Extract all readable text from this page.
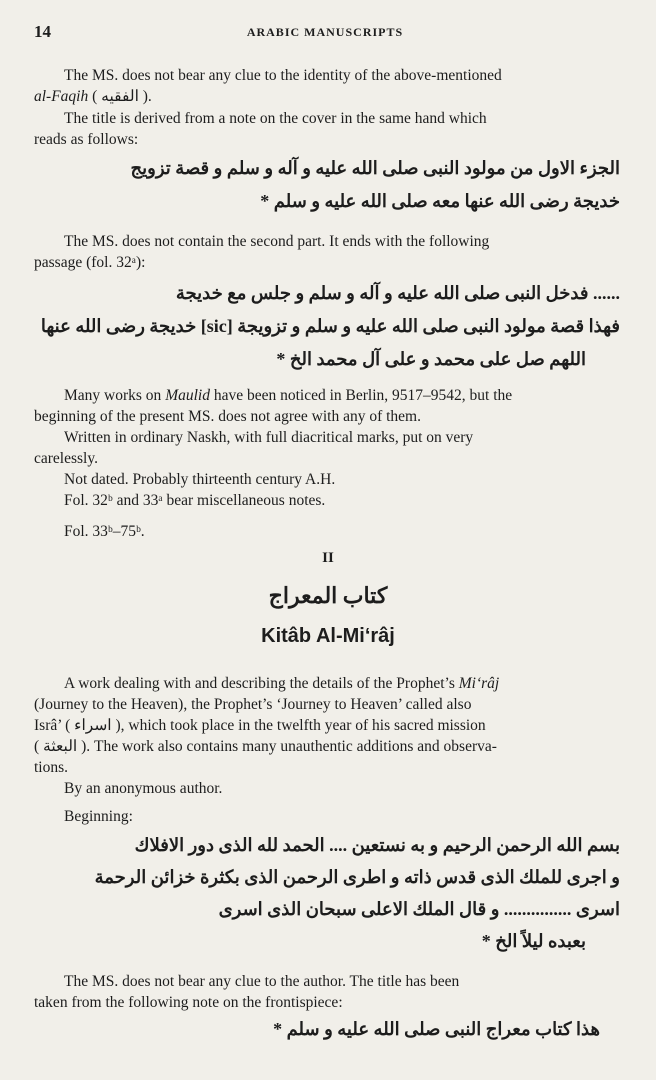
14	ARABIC MANUSCRIPTS
The MS. does not bear any clue to the identity of the above-mentioned
al-Faqih ( الفقيه ).
The title is derived from a note on the cover in the same hand which
reads as follows:
الجزء الاول من مولود النبى صلى الله عليه و آله و سلم و قصة تزويج
خديجة رضى الله عنها معه صلى الله عليه و سلم *
The MS. does not contain the second part. It ends with the following
passage (fol. 32ᵃ):
...... فدخل النبى صلى الله عليه و آله و سلم و جلس مع خديجة
فهذا قصة مولود النبى صلى الله عليه و سلم و تزويجة [sic] خديجة رضى الله عنها
اللهم صل على محمد و على آل محمد الخ *
Many works on Maulid have been noticed in Berlin, 9517–9542, but the
beginning of the present MS. does not agree with any of them.
Written in ordinary Naskh, with full diacritical marks, put on very
carelessly.
Not dated. Probably thirteenth century A.H.
Fol. 32ᵇ and 33ᵃ bear miscellaneous notes.
Fol. 33ᵇ–75ᵇ.
II
كتاب المعراج
Kitâb Al-Mi‘râj
A work dealing with and describing the details of the Prophet’s Mi‘râj
(Journey to the Heaven), the Prophet’s ‘Journey to Heaven’ called also
Isrâ’ ( اسراء ), which took place in the twelfth year of his sacred mission
( البعثة ). The work also contains many unauthentic additions and observa-
tions.
By an anonymous author.
Beginning:
بسم الله الرحمن الرحيم و به نستعين .... الحمد لله الذى دور الافلاك
و اجرى للملك الذى قدس ذاته و اطرى الرحمن الذى بكثرة خزائن الرحمة
اسرى ............... و قال الملك الاعلى سبحان الذى اسرى
بعبده ليلاً الخ *
The MS. does not bear any clue to the author. The title has been
taken from the following note on the frontispiece:
هذا كتاب معراج النبى صلى الله عليه و سلم *
